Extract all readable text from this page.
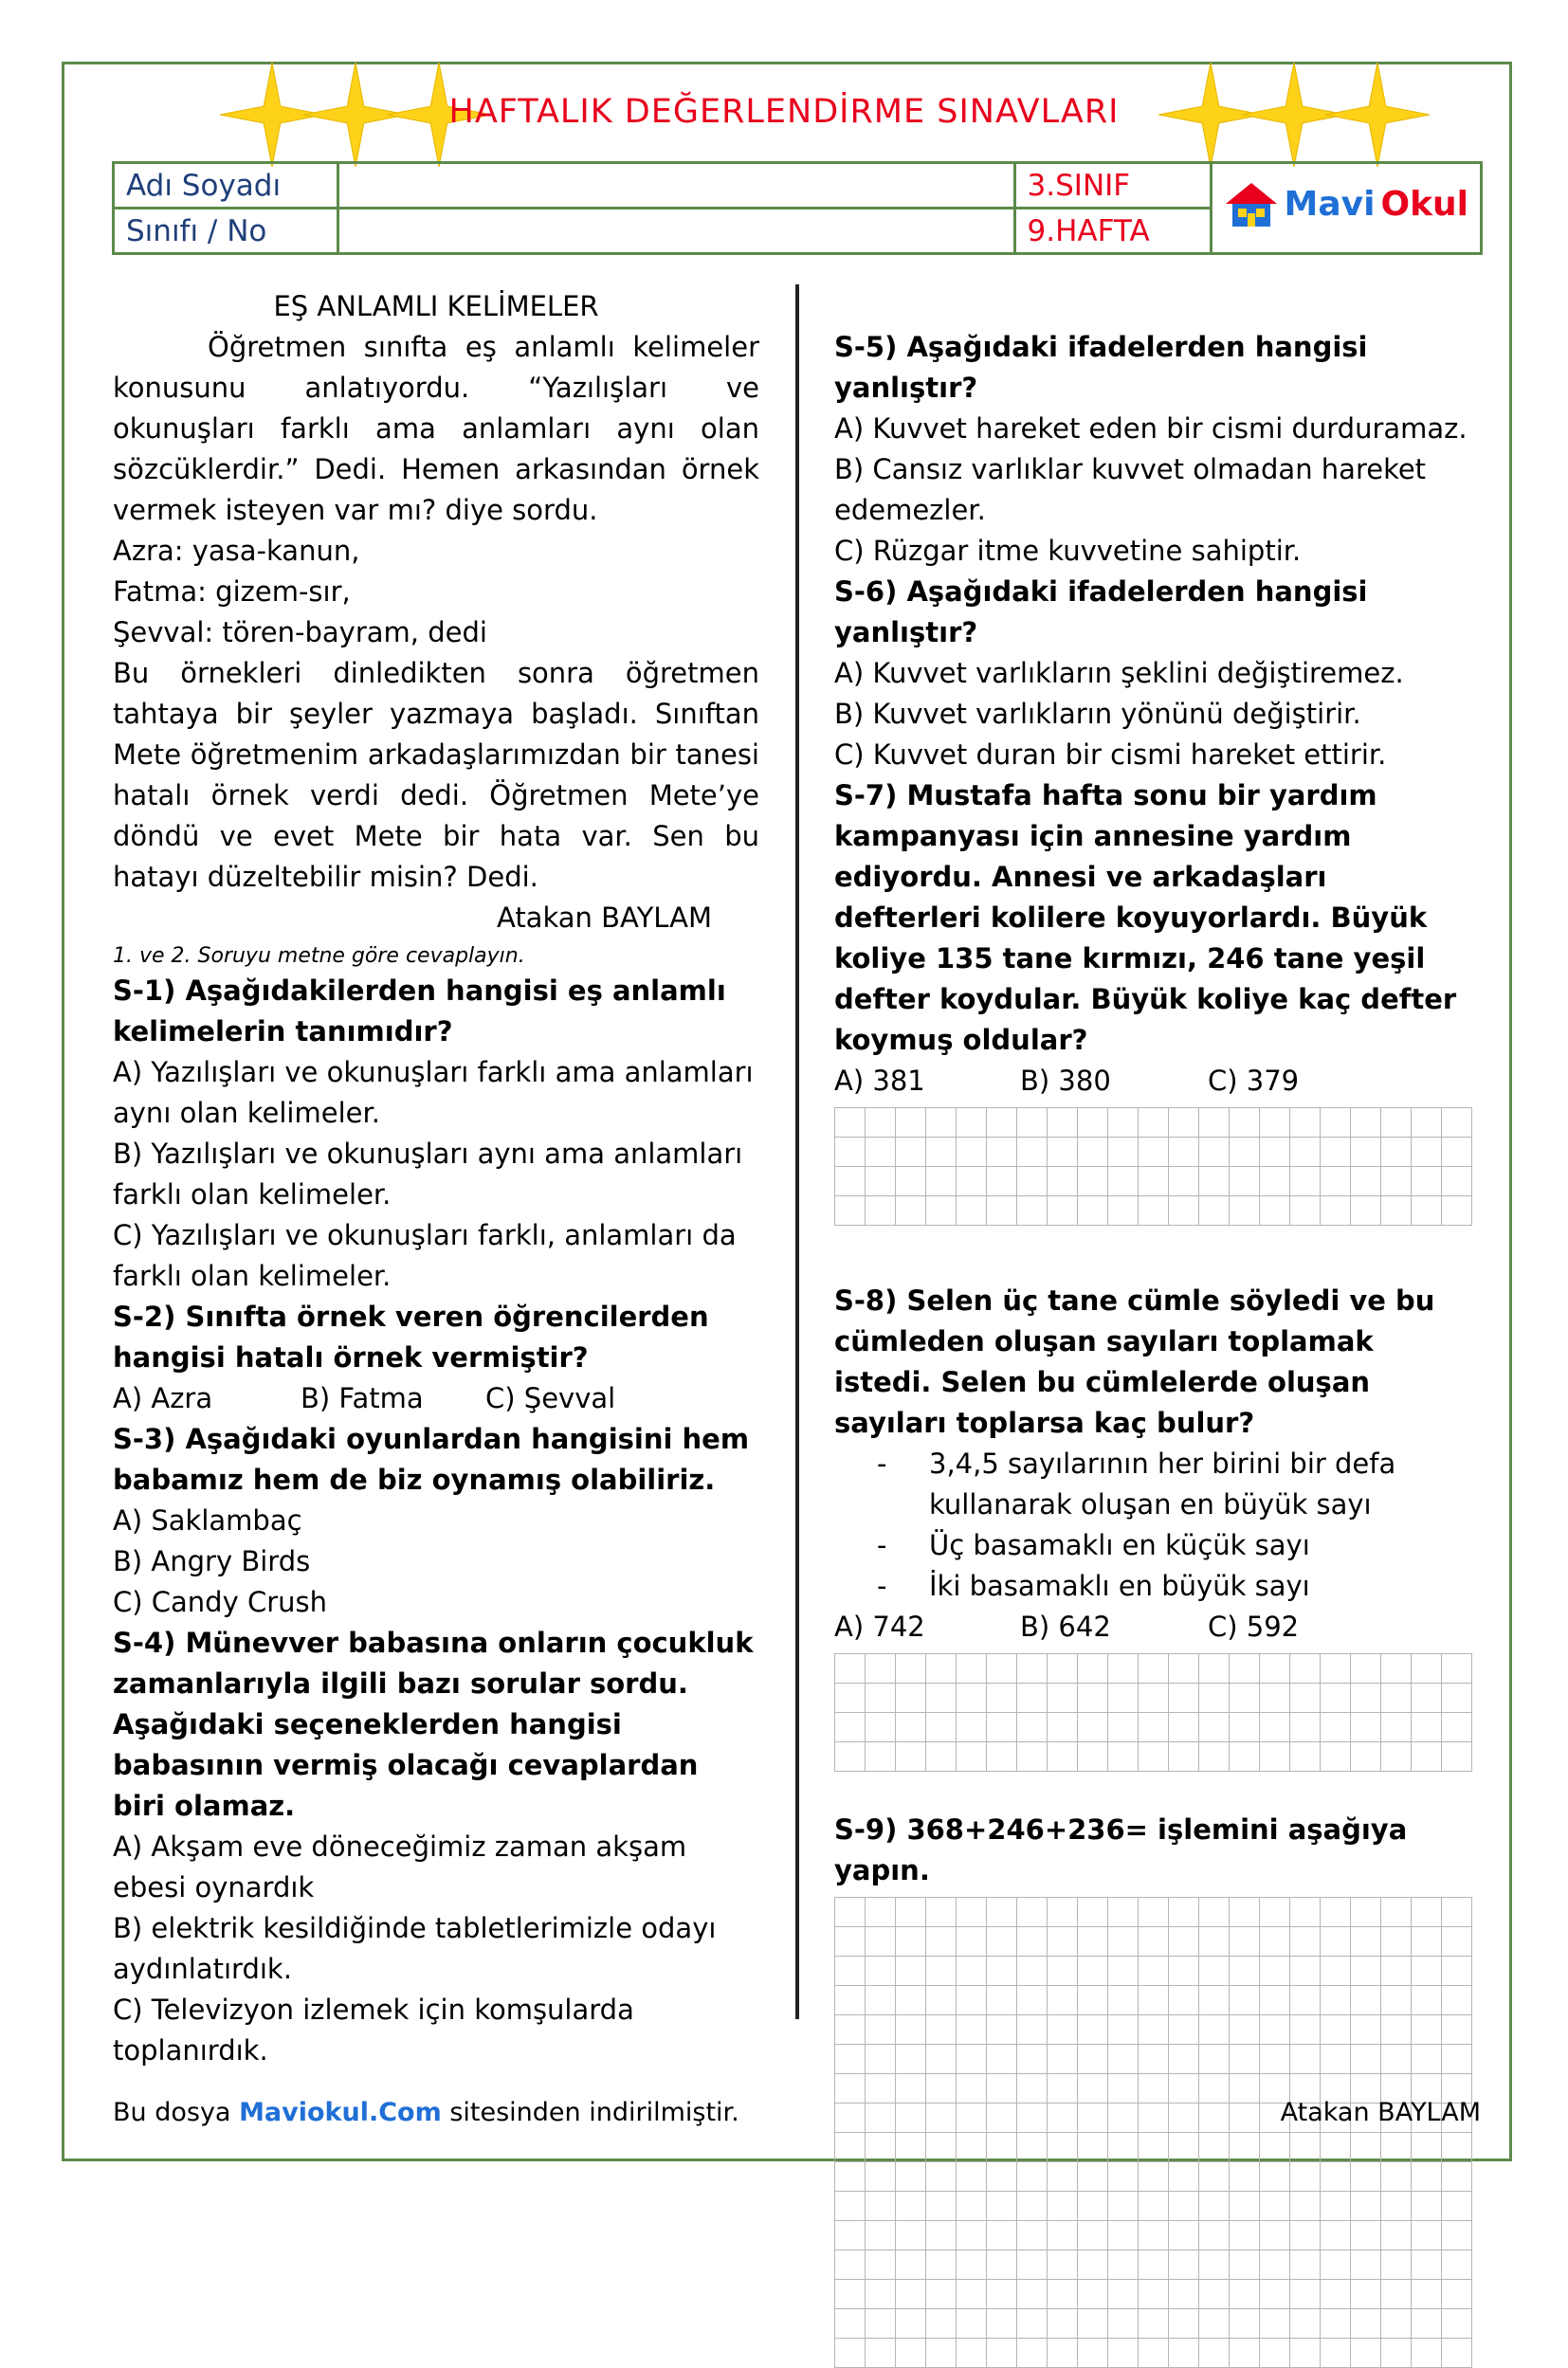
HAFTALIK DEĞERLENDİRME SINAVLARI
Adı Soyadı		3.SINIF	Mavi Okul

Sınıfı / No		9.HAFTA	

EŞ ANLAMLI KELİMELER

Öğretmen sınıfta eş anlamlı kelimeler konusunu anlatıyordu. “Yazılışları ve okunuşları farklı ama anlamları aynı olan sözcüklerdir.” Dedi. Hemen arkasından örnek vermek isteyen var mı? diye sordu.

Azra: yasa-kanun,

Fatma: gizem-sır,

Şevval: tören-bayram, dedi

Bu örnekleri dinledikten sonra öğretmen tahtaya bir şeyler yazmaya başladı. Sınıftan Mete öğretmenim arkadaşlarımızdan bir tanesi hatalı örnek verdi dedi. Öğretmen Mete’ye döndü ve evet Mete bir hata var. Sen bu hatayı düzeltebilir misin? Dedi.

Atakan BAYLAM

1. ve 2. Soruyu metne göre cevaplayın.

S-1) Aşağıdakilerden hangisi eş anlamlı kelimelerin tanımıdır?

A) Yazılışları ve okunuşları farklı ama anlamları aynı olan kelimeler.

B) Yazılışları ve okunuşları aynı ama anlamları farklı olan kelimeler.

C) Yazılışları ve okunuşları farklı, anlamları da farklı olan kelimeler.

S-2) Sınıfta örnek veren öğrencilerden hangisi hatalı örnek vermiştir?

A) Azra	B) Fatma	C) Şevval

S-3) Aşağıdaki oyunlardan hangisini hem babamız hem de biz oynamış olabiliriz.

A) Saklambaç

B) Angry Birds

C) Candy Crush

S-4) Münevver babasına onların çocukluk zamanlarıyla ilgili bazı sorular sordu. Aşağıdaki seçeneklerden hangisi babasının vermiş olacağı cevaplardan biri olamaz.

A) Akşam eve döneceğimiz zaman akşam ebesi oynardık

B) elektrik kesildiğinde tabletlerimizle odayı aydınlatırdık.

C) Televizyon izlemek için komşularda toplanırdık.

S-5) Aşağıdaki ifadelerden hangisi yanlıştır?

A) Kuvvet hareket eden bir cismi durduramaz.

B) Cansız varlıklar kuvvet olmadan hareket edemezler.

C) Rüzgar itme kuvvetine sahiptir.

S-6) Aşağıdaki ifadelerden hangisi yanlıştır?

A) Kuvvet varlıkların şeklini değiştiremez.

B) Kuvvet varlıkların yönünü değiştirir.

C) Kuvvet duran bir cismi hareket ettirir.

S-7) Mustafa hafta sonu bir yardım kampanyası için annesine yardım ediyordu. Annesi ve arkadaşları defterleri kolilere koyuyorlardı. Büyük koliye 135 tane kırmızı, 246 tane yeşil defter koydular. Büyük koliye kaç defter koymuş oldular?

A) 381	B) 380	C) 379

S-8) Selen üç tane cümle söyledi ve bu cümleden oluşan sayıları toplamak istedi. Selen bu cümlelerde oluşan sayıları toplarsa kaç bulur?

-	3,4,5 sayılarının her birini bir defa kullanarak oluşan en büyük sayı
-	Üç basamaklı en küçük sayı
-	İki basamaklı en büyük sayı
A) 742	B) 642	C) 592

S-9) 368+246+236= işlemini aşağıya yapın.

Bu dosya Maviokul.Com sitesinden indirilmiştir.	Atakan BAYLAM
